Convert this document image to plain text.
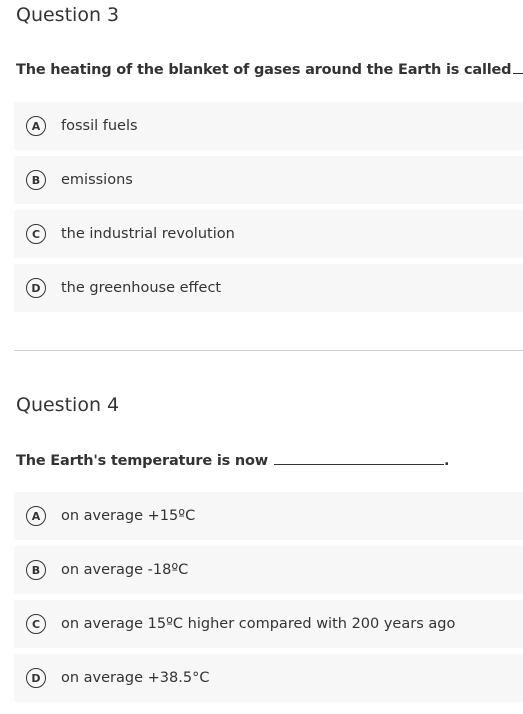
Question 3
The heating of the blanket of gases around the Earth is called
A	fossil fuels
B	emissions
C	the industrial revolution
D	the greenhouse effect
Question 4
The Earth's temperature is now	.
A	on average +15ºC
B	on average -18ºC
C	on average 15ºC higher compared with 200 years ago
D	on average +38.5°C
